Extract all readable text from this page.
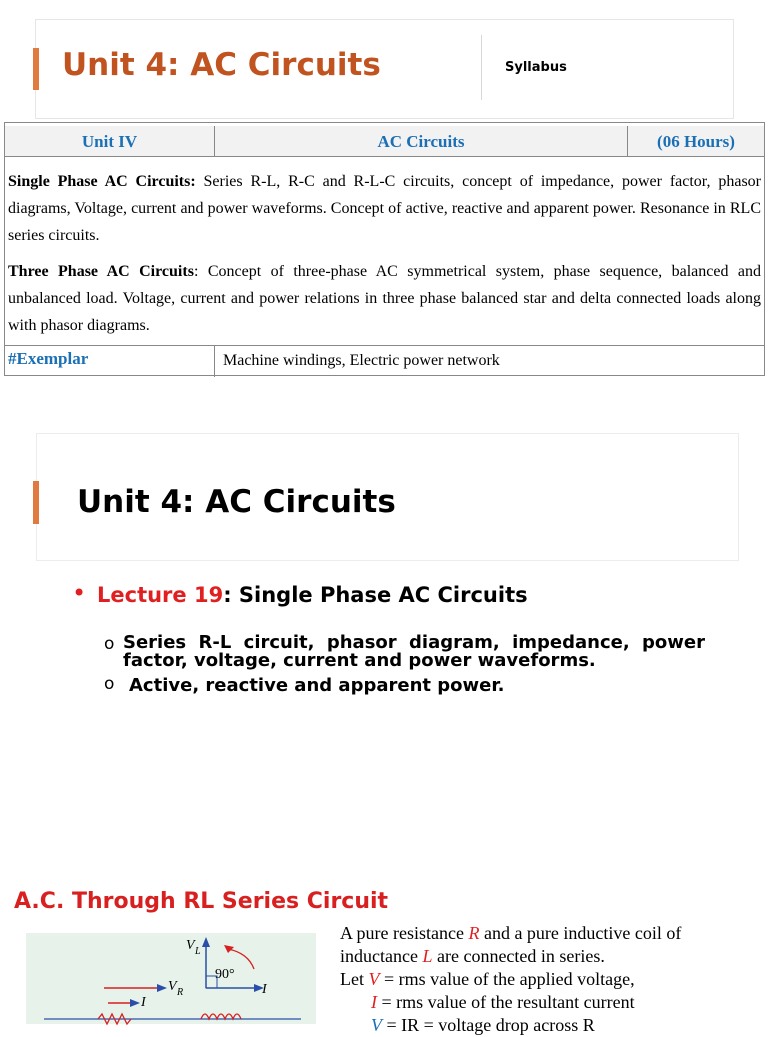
Unit 4: AC Circuits	Syllabus
Unit IV	AC Circuits	(06 Hours)
Single Phase AC Circuits: Series R-L, R-C and R-L-C circuits, concept of impedance, power factor, phasor diagrams, Voltage, current and power waveforms. Concept of active, reactive and apparent power. Resonance in RLC series circuits.
Three Phase AC Circuits: Concept of three-phase AC symmetrical system, phase sequence, balanced and unbalanced load. Voltage, current and power relations in three phase balanced star and delta connected loads along with phasor diagrams.
#Exemplar	Machine windings, Electric power network
Unit 4: AC Circuits
• Lecture 19: Single Phase AC Circuits
o Series R-L circuit, phasor diagram, impedance, power factor, voltage, current and power waveforms.
o Active, reactive and apparent power.
A.C. Through RL Series Circuit
V L
90°
I
V R
I
A pure resistance R and a pure inductive coil of
inductance L are connected in series.
Let V = rms value of the applied voltage,
I = rms value of the resultant current
V = IR = voltage drop across R
